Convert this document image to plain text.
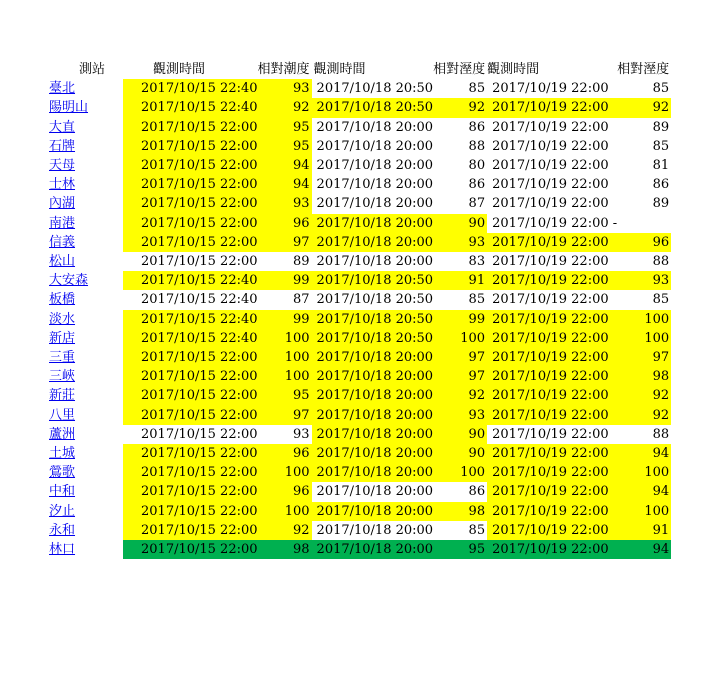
測站	觀測時間	相對潮度	觀測時間	相對溼度	觀測時間	相對溼度
臺北	2017/10/15 22:40	93	2017/10/18 20:50	85	2017/10/19 22:00	85
陽明山	2017/10/15 22:40	92	2017/10/18 20:50	92	2017/10/19 22:00	92
大直	2017/10/15 22:00	95	2017/10/18 20:00	86	2017/10/19 22:00	89
石牌	2017/10/15 22:00	95	2017/10/18 20:00	88	2017/10/19 22:00	85
天母	2017/10/15 22:00	94	2017/10/18 20:00	80	2017/10/19 22:00	81
士林	2017/10/15 22:00	94	2017/10/18 20:00	86	2017/10/19 22:00	86
內湖	2017/10/15 22:00	93	2017/10/18 20:00	87	2017/10/19 22:00	89
南港	2017/10/15 22:00	96	2017/10/18 20:00	90	2017/10/19 22:00 -	
信義	2017/10/15 22:00	97	2017/10/18 20:00	93	2017/10/19 22:00	96
松山	2017/10/15 22:00	89	2017/10/18 20:00	83	2017/10/19 22:00	88
大安森	2017/10/15 22:40	99	2017/10/18 20:50	91	2017/10/19 22:00	93
板橋	2017/10/15 22:40	87	2017/10/18 20:50	85	2017/10/19 22:00	85
淡水	2017/10/15 22:40	99	2017/10/18 20:50	99	2017/10/19 22:00	100
新店	2017/10/15 22:40	100	2017/10/18 20:50	100	2017/10/19 22:00	100
三重	2017/10/15 22:00	100	2017/10/18 20:00	97	2017/10/19 22:00	97
三峽	2017/10/15 22:00	100	2017/10/18 20:00	97	2017/10/19 22:00	98
新莊	2017/10/15 22:00	95	2017/10/18 20:00	92	2017/10/19 22:00	92
八里	2017/10/15 22:00	97	2017/10/18 20:00	93	2017/10/19 22:00	92
蘆洲	2017/10/15 22:00	93	2017/10/18 20:00	90	2017/10/19 22:00	88
土城	2017/10/15 22:00	96	2017/10/18 20:00	90	2017/10/19 22:00	94
鶯歌	2017/10/15 22:00	100	2017/10/18 20:00	100	2017/10/19 22:00	100
中和	2017/10/15 22:00	96	2017/10/18 20:00	86	2017/10/19 22:00	94
汐止	2017/10/15 22:00	100	2017/10/18 20:00	98	2017/10/19 22:00	100
永和	2017/10/15 22:00	92	2017/10/18 20:00	85	2017/10/19 22:00	91
林口	2017/10/15 22:00	98	2017/10/18 20:00	95	2017/10/19 22:00	94
